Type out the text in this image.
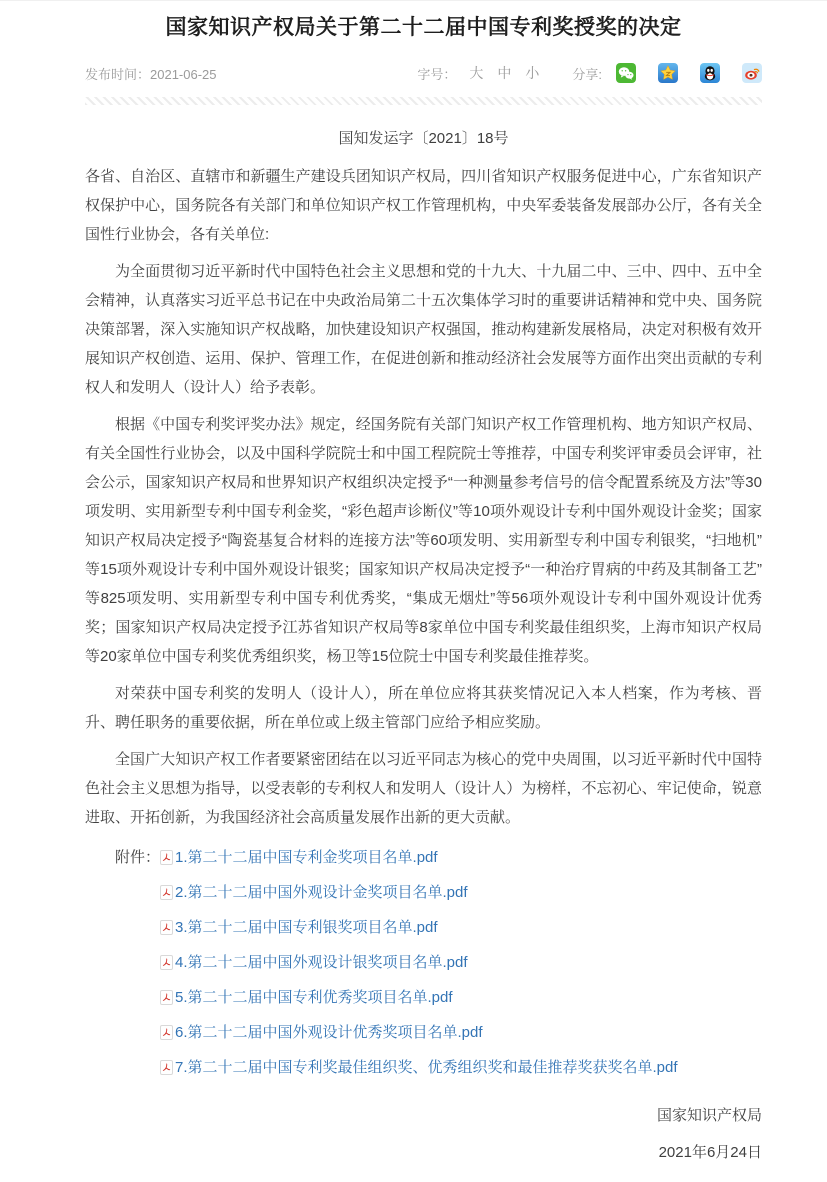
国家知识产权局关于第二十二届中国专利奖授奖的决定
发布时间：2021-06-25	字号： 大 中 小	分享:
国知发运字〔2021〕18号

各省、自治区、直辖市和新疆生产建设兵团知识产权局，四川省知识产权服务促进中心，广东省知识产权保护中心，国务院各有关部门和单位知识产权工作管理机构，中央军委装备发展部办公厅，各有关全国性行业协会，各有关单位:

为全面贯彻习近平新时代中国特色社会主义思想和党的十九大、十九届二中、三中、四中、五中全会精神，认真落实习近平总书记在中央政治局第二十五次集体学习时的重要讲话精神和党中央、国务院决策部署，深入实施知识产权战略，加快建设知识产权强国，推动构建新发展格局，决定对积极有效开展知识产权创造、运用、保护、管理工作，在促进创新和推动经济社会发展等方面作出突出贡献的专利权人和发明人（设计人）给予表彰。

根据《中国专利奖评奖办法》规定，经国务院有关部门知识产权工作管理机构、地方知识产权局、有关全国性行业协会，以及中国科学院院士和中国工程院院士等推荐，中国专利奖评审委员会评审，社会公示，国家知识产权局和世界知识产权组织决定授予“一种测量参考信号的信令配置系统及方法”等30项发明、实用新型专利中国专利金奖，“彩色超声诊断仪”等10项外观设计专利中国外观设计金奖；国家知识产权局决定授予“陶瓷基复合材料的连接方法”等60项发明、实用新型专利中国专利银奖，“扫地机”等15项外观设计专利中国外观设计银奖；国家知识产权局决定授予“一种治疗胃病的中药及其制备工艺”等825项发明、实用新型专利中国专利优秀奖，“集成无烟灶”等56项外观设计专利中国外观设计优秀奖；国家知识产权局决定授予江苏省知识产权局等8家单位中国专利奖最佳组织奖，上海市知识产权局等20家单位中国专利奖优秀组织奖，杨卫等15位院士中国专利奖最佳推荐奖。

对荣获中国专利奖的发明人（设计人），所在单位应将其获奖情况记入本人档案，作为考核、晋升、聘任职务的重要依据，所在单位或上级主管部门应给予相应奖励。

全国广大知识产权工作者要紧密团结在以习近平同志为核心的党中央周围，以习近平新时代中国特色社会主义思想为指导，以受表彰的专利权人和发明人（设计人）为榜样，不忘初心、牢记使命，锐意进取、开拓创新，为我国经济社会高质量发展作出新的更大贡献。

附件： 1.第二十二届中国专利金奖项目名单.pdf
2.第二十二届中国外观设计金奖项目名单.pdf
3.第二十二届中国专利银奖项目名单.pdf
4.第二十二届中国外观设计银奖项目名单.pdf
5.第二十二届中国专利优秀奖项目名单.pdf
6.第二十二届中国外观设计优秀奖项目名单.pdf
7.第二十二届中国专利奖最佳组织奖、优秀组织奖和最佳推荐奖获奖名单.pdf
国家知识产权局
2021年6月24日
